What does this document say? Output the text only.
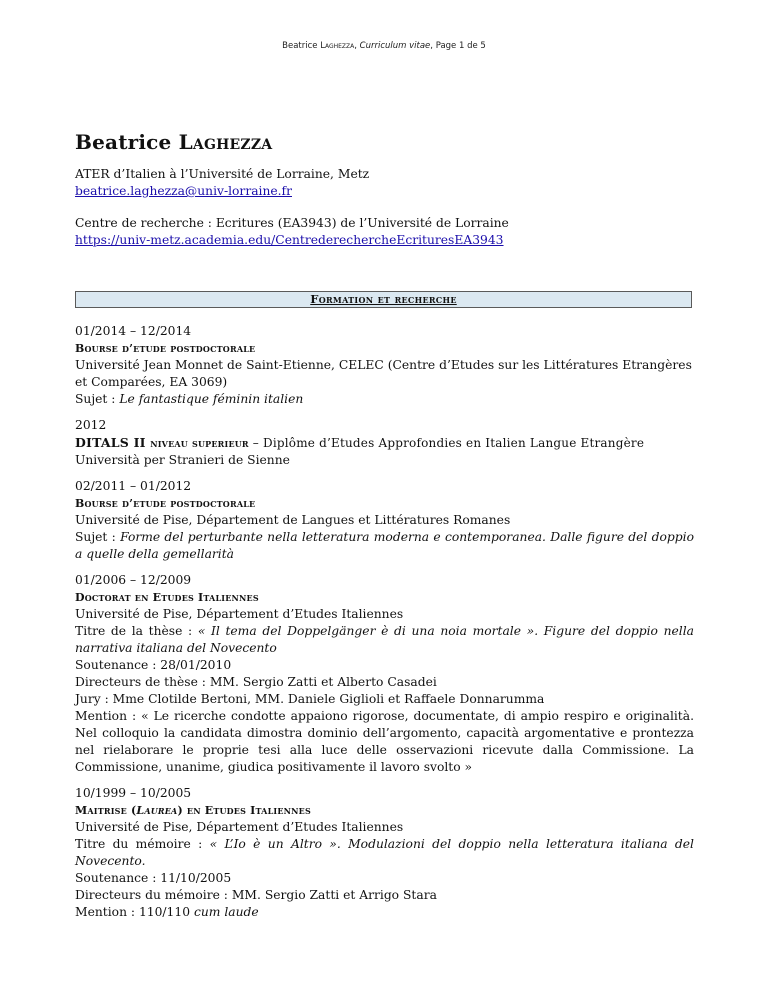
Beatrice Laghezza, Curriculum vitae, Page 1 de 5
Beatrice Laghezza
ATER d’Italien à l’Université de Lorraine, Metz
beatrice.laghezza@univ-lorraine.fr
Centre de recherche : Ecritures (EA3943) de l’Université de Lorraine
https://univ-metz.academia.edu/CentrederechercheEcrituresEA3943
Formation et recherche
01/2014 – 12/2014
Bourse d’etude postdoctorale
Université Jean Monnet de Saint-Etienne, CELEC (Centre d’Etudes sur les Littératures Etrangères et Comparées, EA 3069)
Sujet : Le fantastique féminin italien
2012
DITALS II niveau superieur – Diplôme d’Etudes Approfondies en Italien Langue Etrangère
Università per Stranieri de Sienne
02/2011 – 01/2012
Bourse d’etude postdoctorale
Université de Pise, Département de Langues et Littératures Romanes
Sujet : Forme del perturbante nella letteratura moderna e contemporanea. Dalle figure del doppio a quelle della gemellarità
01/2006 – 12/2009
Doctorat en Etudes Italiennes
Université de Pise, Département d’Etudes Italiennes
Titre de la thèse : « Il tema del Doppelgänger è di una noia mortale ». Figure del doppio nella narrativa italiana del Novecento
Soutenance : 28/01/2010
Directeurs de thèse : MM. Sergio Zatti et Alberto Casadei
Jury : Mme Clotilde Bertoni, MM. Daniele Giglioli et Raffaele Donnarumma
Mention : « Le ricerche condotte appaiono rigorose, documentate, di ampio respiro e originalità. Nel colloquio la candidata dimostra dominio dell’argomento, capacità argomentative e prontezza nel rielaborare le proprie tesi alla luce delle osservazioni ricevute dalla Commissione. La Commissione, unanime, giudica positivamente il lavoro svolto »
10/1999 – 10/2005
Maitrise (Laurea) en Etudes Italiennes
Université de Pise, Département d’Etudes Italiennes
Titre du mémoire : « L’Io è un Altro ». Modulazioni del doppio nella letteratura italiana del Novecento.
Soutenance : 11/10/2005
Directeurs du mémoire : MM. Sergio Zatti et Arrigo Stara
Mention : 110/110 cum laude
